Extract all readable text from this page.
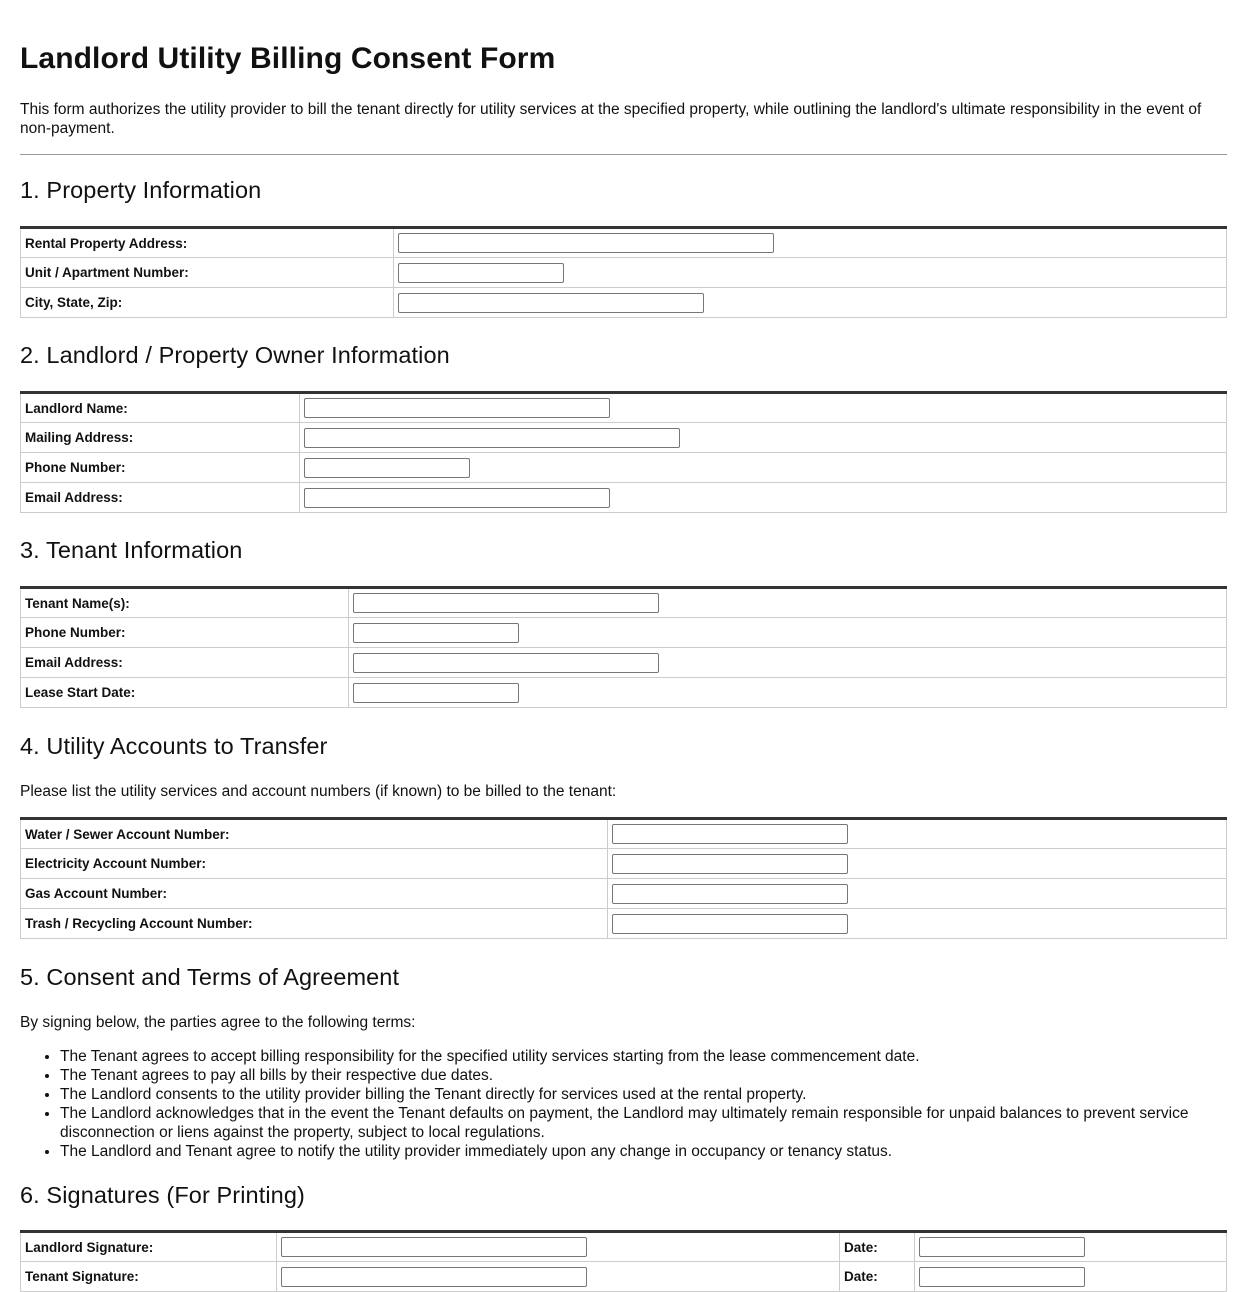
Landlord Utility Billing Consent Form
This form authorizes the utility provider to bill the tenant directly for utility services at the specified property, while outlining the landlord's ultimate responsibility in the event of non-payment.
1. Property Information
Rental Property Address:	

Unit / Apartment Number:	

City, State, Zip:	
2. Landlord / Property Owner Information
Landlord Name:	

Mailing Address:	

Phone Number:	

Email Address:	
3. Tenant Information
Tenant Name(s):	

Phone Number:	

Email Address:	

Lease Start Date:	
4. Utility Accounts to Transfer
Please list the utility services and account numbers (if known) to be billed to the tenant:
Water / Sewer Account Number:	

Electricity Account Number:	

Gas Account Number:	

Trash / Recycling Account Number:	
5. Consent and Terms of Agreement
By signing below, the parties agree to the following terms:
• The Tenant agrees to accept billing responsibility for the specified utility services starting from the lease commencement date.
• The Tenant agrees to pay all bills by their respective due dates.
• The Landlord consents to the utility provider billing the Tenant directly for services used at the rental property.
• The Landlord acknowledges that in the event the Tenant defaults on payment, the Landlord may ultimately remain responsible for unpaid balances to prevent service disconnection or liens against the property, subject to local regulations.
• The Landlord and Tenant agree to notify the utility provider immediately upon any change in occupancy or tenancy status.
6. Signatures (For Printing)
Landlord Signature:		Date:	

Tenant Signature:		Date:	
